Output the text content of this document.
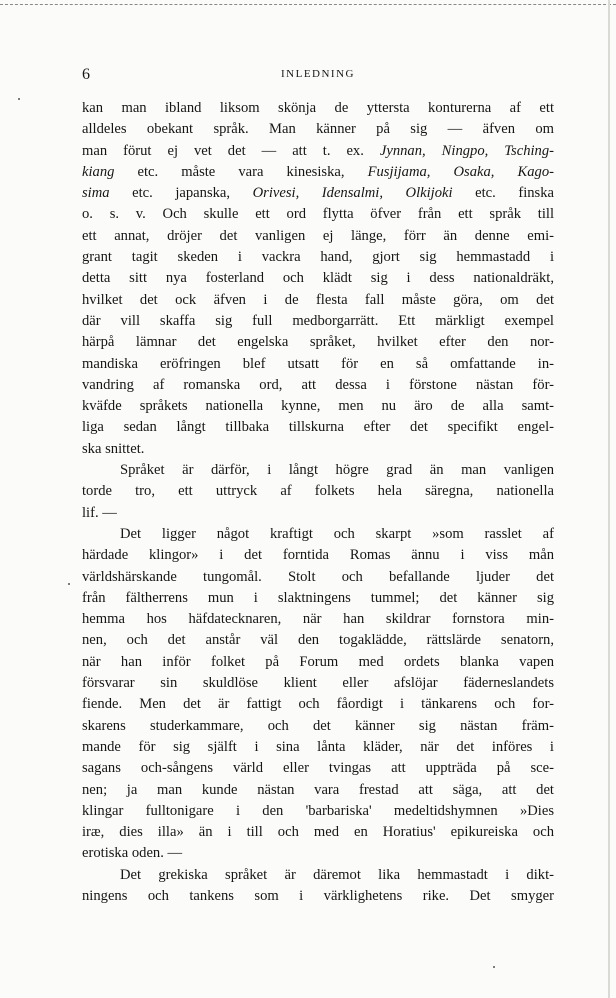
6	INLEDNING
kan man ibland liksom skönja de yttersta konturerna af ett
alldeles obekant språk. Man känner på sig — äfven om
man förut ej vet det — att t. ex. Jynnan, Ningpo, Tsching-
kiang etc. måste vara kinesiska, Fusjijama, Osaka, Kago-
sima etc. japanska, Orivesi, Idensalmi, Olkijoki etc. finska
o. s. v. Och skulle ett ord flytta öfver från ett språk till
ett annat, dröjer det vanligen ej länge, förr än denne emi-
grant tagit skeden i vackra hand, gjort sig hemmastadd i
detta sitt nya fosterland och klädt sig i dess nationaldräkt,
hvilket det ock äfven i de flesta fall måste göra, om det
där vill skaffa sig full medborgarrätt. Ett märkligt exempel
härpå lämnar det engelska språket, hvilket efter den nor-
mandiska eröfringen blef utsatt för en så omfattande in-
vandring af romanska ord, att dessa i förstone nästan för-
kväfde språkets nationella kynne, men nu äro de alla samt-
liga sedan långt tillbaka tillskurna efter det specifikt engel-
ska snittet.
Språket är därför, i långt högre grad än man vanligen
torde tro, ett uttryck af folkets hela säregna, nationella
lif. —
Det ligger något kraftigt och skarpt »som rasslet af
härdade klingor» i det forntida Romas ännu i viss mån
världshärskande tungomål. Stolt och befallande ljuder det
från fältherrens mun i slaktningens tummel; det känner sig
hemma hos häfdatecknaren, när han skildrar fornstora min-
nen, och det anstår väl den togaklädde, rättslärde senatorn,
när han inför folket på Forum med ordets blanka vapen
försvarar sin skuldlöse klient eller afslöjar fäderneslandets
fiende. Men det är fattigt och fåordigt i tänkarens och for-
skarens studerkammare, och det känner sig nästan främ-
mande för sig själft i sina lånta kläder, när det införes i
sagans och-sångens värld eller tvingas att uppträda på sce-
nen; ja man kunde nästan vara frestad att säga, att det
klingar fulltonigare i den 'barbariska' medeltidshymnen »Dies
iræ, dies illa» än i till och med en Horatius' epikureiska och
erotiska oden. —
Det grekiska språket är däremot lika hemmastadt i dikt-
ningens och tankens som i värklighetens rike. Det smyger
